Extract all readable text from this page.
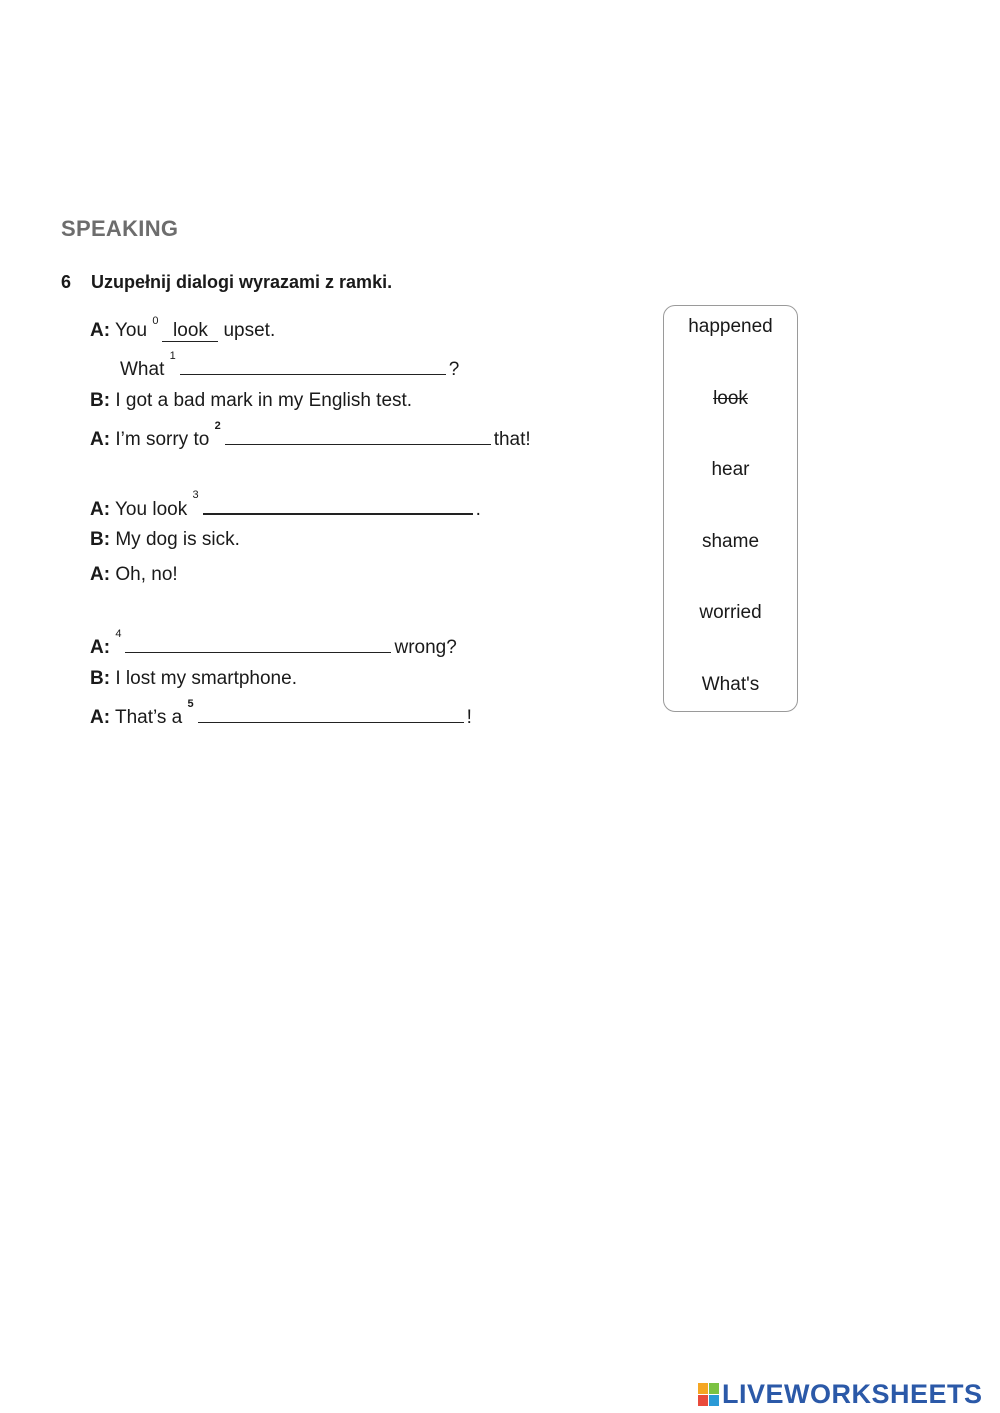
SPEAKING
6 Uzupełnij dialogi wyrazami z ramki.
A: You $^0$ look upset.
What $^1$?
B: I got a bad mark in my English test.
A: I’m sorry to $^2$that!
A: You look $^3$.
B: My dog is sick.
A: Oh, no!
A: $^4$wrong?
B: I lost my smartphone.
A: That’s a $^5$!
happened
look
hear
shame
worried
What's
LIVEWORKSHEETS
